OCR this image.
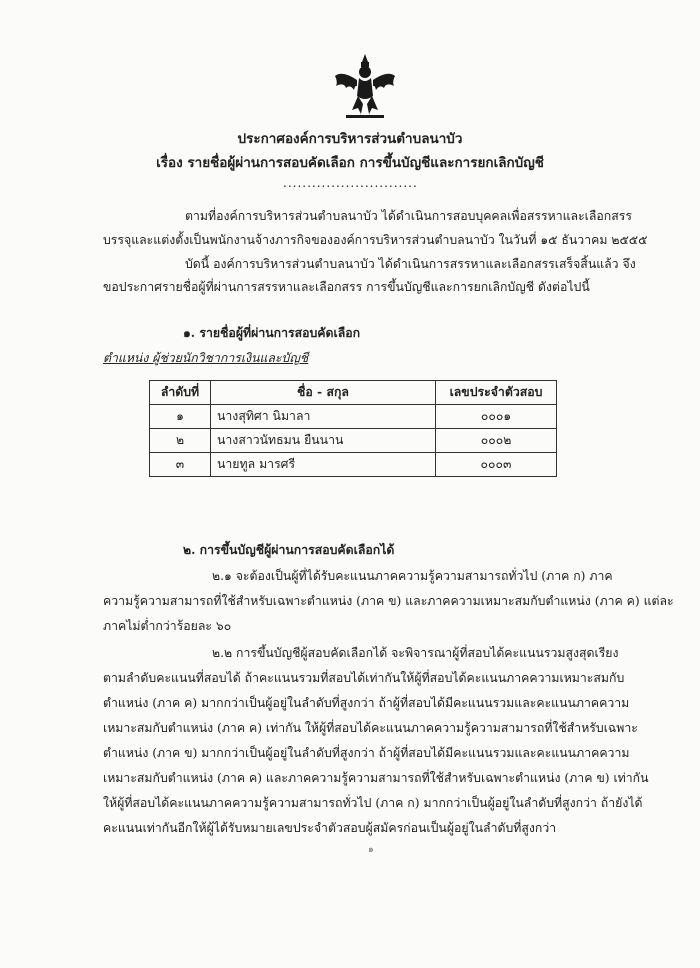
ประกาศองค์การบริหารส่วนตำบลนาบัว
เรื่อง รายชื่อผู้ผ่านการสอบคัดเลือก การขึ้นบัญชีและการยกเลิกบัญชี
............................
ตามที่องค์การบริหารส่วนตำบลนาบัว ได้ดำเนินการสอบบุคคลเพื่อสรรหาและเลือกสรร
บรรจุและแต่งตั้งเป็นพนักงานจ้างภารกิจขององค์การบริหารส่วนตำบลนาบัว ในวันที่ ๑๕ ธันวาคม ๒๕๕๕
บัดนี้ องค์การบริหารส่วนตำบลนาบัว ได้ดำเนินการสรรหาและเลือกสรรเสร็จสิ้นแล้ว จึง
ขอประกาศรายชื่อผู้ที่ผ่านการสรรหาและเลือกสรร การขึ้นบัญชีและการยกเลิกบัญชี ดังต่อไปนี้
๑. รายชื่อผู้ที่ผ่านการสอบคัดเลือก
ตำแหน่ง ผู้ช่วยนักวิชาการเงินและบัญชี
ลำดับที่	ชื่อ - สกุล	เลขประจำตัวสอบ
๑	นางสุทิศา นิมาลา	๐๐๐๑
๒	นางสาวนัทธมน ยืนนาน	๐๐๐๒
๓	นายทูล มารศรี	๐๐๐๓
๒. การขึ้นบัญชีผู้ผ่านการสอบคัดเลือกได้
๒.๑ จะต้องเป็นผู้ที่ได้รับคะแนนภาคความรู้ความสามารถทั่วไป (ภาค ก) ภาค
ความรู้ความสามารถที่ใช้สำหรับเฉพาะตำแหน่ง (ภาค ข) และภาคความเหมาะสมกับตำแหน่ง (ภาค ค) แต่ละ
ภาคไม่ต่ำกว่าร้อยละ ๖๐
๒.๒ การขึ้นบัญชีผู้สอบคัดเลือกได้ จะพิจารณาผู้ที่สอบได้คะแนนรวมสูงสุดเรียง
ตามลำดับคะแนนที่สอบได้ ถ้าคะแนนรวมที่สอบได้เท่ากันให้ผู้ที่สอบได้คะแนนภาคความเหมาะสมกับ
ตำแหน่ง (ภาค ค) มากกว่าเป็นผู้อยู่ในลำดับที่สูงกว่า ถ้าผู้ที่สอบได้มีคะแนนรวมและคะแนนภาคความ
เหมาะสมกับตำแหน่ง (ภาค ค) เท่ากัน ให้ผู้ที่สอบได้คะแนนภาคความรู้ความสามารถที่ใช้สำหรับเฉพาะ
ตำแหน่ง (ภาค ข) มากกว่าเป็นผู้อยู่ในลำดับที่สูงกว่า ถ้าผู้ที่สอบได้มีคะแนนรวมและคะแนนภาคความ
เหมาะสมกับตำแหน่ง (ภาค ค) และภาคความรู้ความสามารถที่ใช้สำหรับเฉพาะตำแหน่ง (ภาค ข) เท่ากัน
ให้ผู้ที่สอบได้คะแนนภาคความรู้ความสามารถทั่วไป (ภาค ก) มากกว่าเป็นผู้อยู่ในลำดับที่สูงกว่า ถ้ายังได้
คะแนนเท่ากันอีกให้ผู้ได้รับหมายเลขประจำตัวสอบผู้สมัครก่อนเป็นผู้อยู่ในลำดับที่สูงกว่า
๑
